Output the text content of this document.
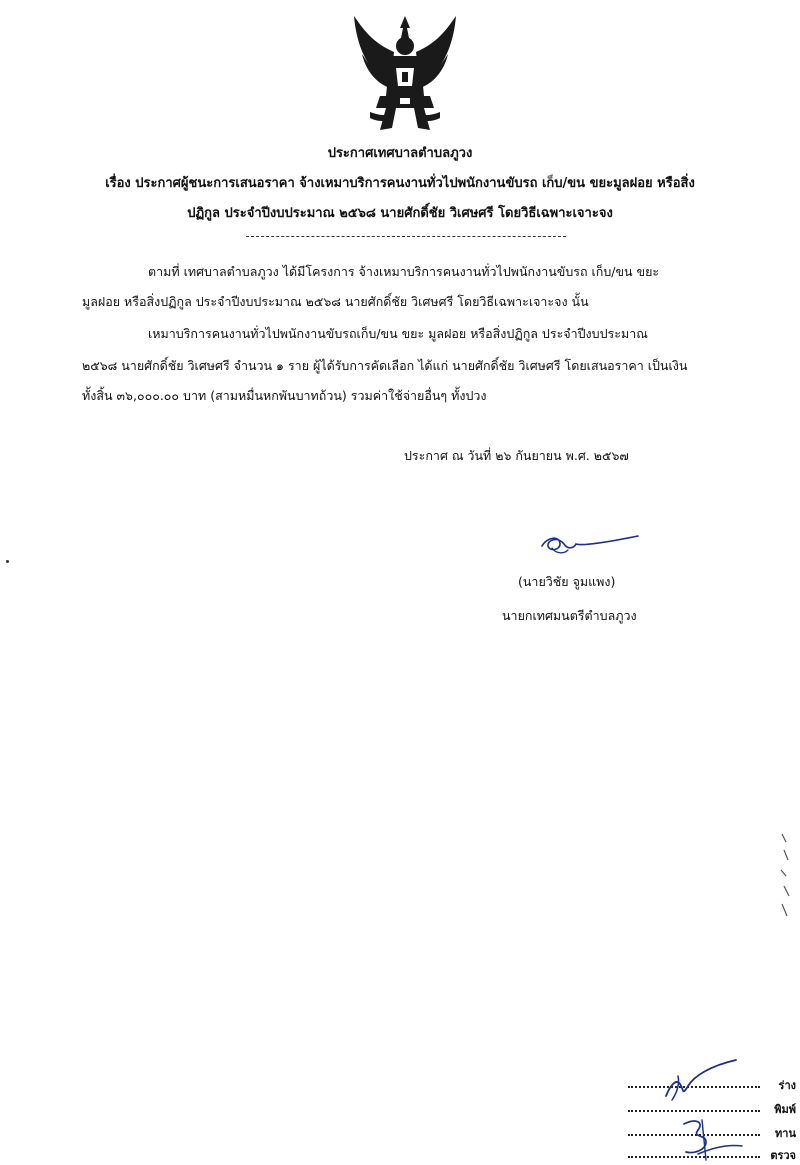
ประกาศเทศบาลตำบลภูวง
เรื่อง ประกาศผู้ชนะการเสนอราคา จ้างเหมาบริการคนงานทั่วไปพนักงานขับรถ เก็บ/ขน ขยะมูลฝอย หรือสิ่ง
ปฏิกูล ประจำปีงบประมาณ ๒๕๖๘ นายศักดิ์ชัย วิเศษศรี โดยวิธีเฉพาะเจาะจง
ตามที่ เทศบาลตำบลภูวง ได้มีโครงการ จ้างเหมาบริการคนงานทั่วไปพนักงานขับรถ เก็บ/ขน ขยะ
มูลฝอย หรือสิ่งปฏิกูล ประจำปีงบประมาณ ๒๕๖๘ นายศักดิ์ชัย วิเศษศรี โดยวิธีเฉพาะเจาะจง นั้น
เหมาบริการคนงานทั่วไปพนักงานขับรถเก็บ/ขน ขยะ มูลฝอย หรือสิ่งปฏิกูล ประจำปีงบประมาณ
๒๕๖๘ นายศักดิ์ชัย วิเศษศรี จำนวน ๑ ราย ผู้ได้รับการคัดเลือก ได้แก่ นายศักดิ์ชัย วิเศษศรี โดยเสนอราคา เป็นเงิน
ทั้งสิ้น ๓๖,๐๐๐.๐๐ บาท (สามหมื่นหกพันบาทถ้วน) รวมค่าใช้จ่ายอื่นๆ ทั้งปวง
ประกาศ ณ วันที่ ๒๖ กันยายน พ.ศ. ๒๕๖๗
(นายวิชัย จูมแพง)
นายกเทศมนตรีตำบลภูวง
ร่าง
พิมพ์
ทาน
ตรวจ
